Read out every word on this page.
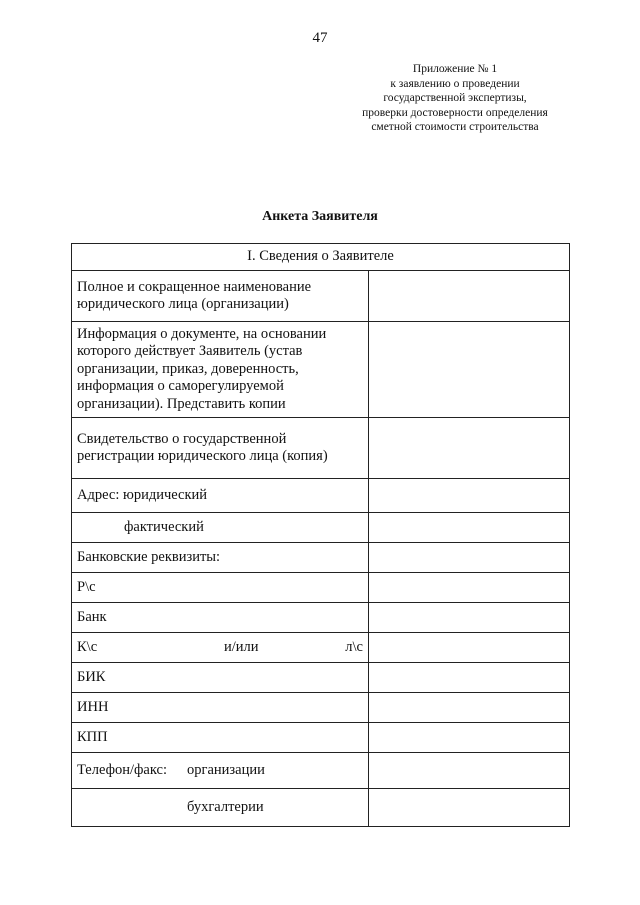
47
Приложение № 1
к заявлению о проведении
государственной экспертизы,
проверки достоверности определения
сметной стоимости строительства
Анкета Заявителя
I. Сведения о Заявителе	
Полное и сокращенное наименование юридического лица (организации)	
Информация о документе, на основании которого действует Заявитель (устав организации, приказ, доверенность, информация о саморегулируемой организации). Представить копии	
Свидетельство о государственной регистрации юридического лица (копия)	
Адрес: юридический	
фактический	
Банковские реквизиты:	
Р\с	
Банк	

К\с и/или л\с	

БИК	
ИНН	
КПП	

Телефон/факс: организации	

бухгалтерии	
